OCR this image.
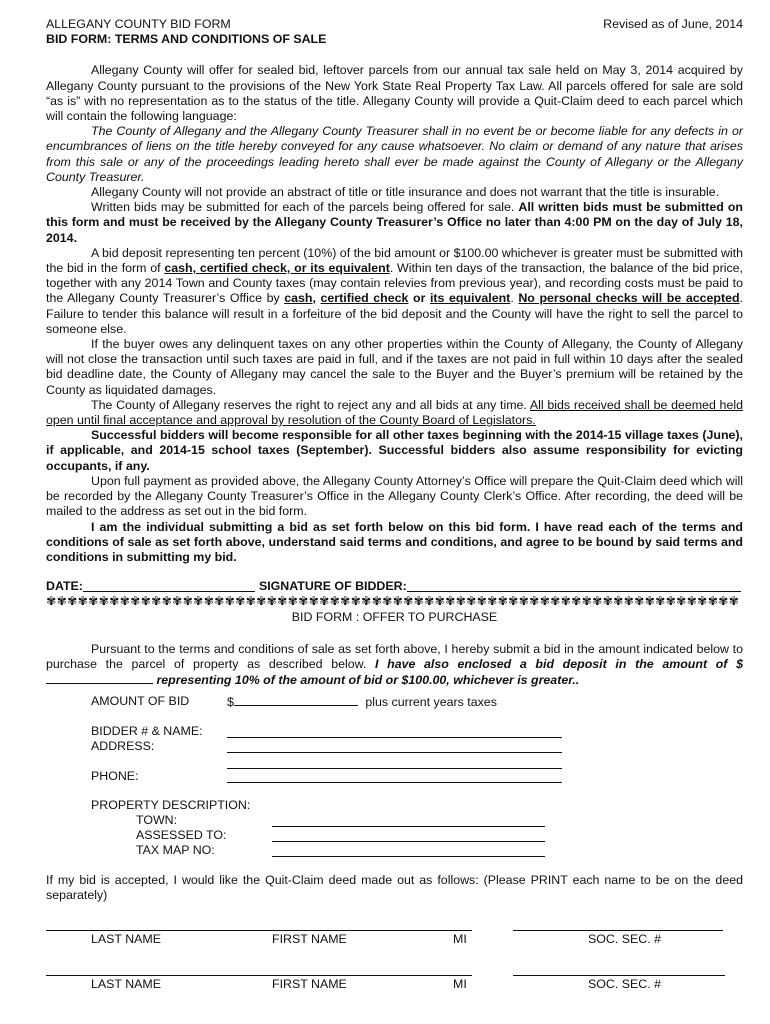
ALLEGANY COUNTY BID FORM	Revised as of June, 2014
BID FORM: TERMS AND CONDITIONS OF SALE

Allegany County will offer for sealed bid, leftover parcels from our annual tax sale held on May 3, 2014 acquired by Allegany County pursuant to the provisions of the New York State Real Property Tax Law. All parcels offered for sale are sold “as is” with no representation as to the status of the title. Allegany County will provide a Quit-Claim deed to each parcel which will contain the following language:

The County of Allegany and the Allegany County Treasurer shall in no event be or become liable for any defects in or encumbrances of liens on the title hereby conveyed for any cause whatsoever. No claim or demand of any nature that arises from this sale or any of the proceedings leading hereto shall ever be made against the County of Allegany or the Allegany County Treasurer.

Allegany County will not provide an abstract of title or title insurance and does not warrant that the title is insurable.

Written bids may be submitted for each of the parcels being offered for sale. All written bids must be submitted on this form and must be received by the Allegany County Treasurer’s Office no later than 4:00 PM on the day of July 18, 2014.

A bid deposit representing ten percent (10%) of the bid amount or $100.00 whichever is greater must be submitted with the bid in the form of cash, certified check, or its equivalent. Within ten days of the transaction, the balance of the bid price, together with any 2014 Town and County taxes (may contain relevies from previous year), and recording costs must be paid to the Allegany County Treasurer’s Office by cash, certified check or its equivalent. No personal checks will be accepted. Failure to tender this balance will result in a forfeiture of the bid deposit and the County will have the right to sell the parcel to someone else.

If the buyer owes any delinquent taxes on any other properties within the County of Allegany, the County of Allegany will not close the transaction until such taxes are paid in full, and if the taxes are not paid in full within 10 days after the sealed bid deadline date, the County of Allegany may cancel the sale to the Buyer and the Buyer’s premium will be retained by the County as liquidated damages.

The County of Allegany reserves the right to reject any and all bids at any time. All bids received shall be deemed held open until final acceptance and approval by resolution of the County Board of Legislators.

Successful bidders will become responsible for all other taxes beginning with the 2014-15 village taxes (June), if applicable, and 2014-15 school taxes (September). Successful bidders also assume responsibility for evicting occupants, if any.

Upon full payment as provided above, the Allegany County Attorney’s Office will prepare the Quit-Claim deed which will be recorded by the Allegany County Treasurer’s Office in the Allegany County Clerk’s Office. After recording, the deed will be mailed to the address as set out in the bid form.

I am the individual submitting a bid as set forth below on this bid form. I have read each of the terms and conditions of sale as set forth above, understand said terms and conditions, and agree to be bound by said terms and conditions in submitting my bid.

DATE:	SIGNATURE OF BIDDER:
✾✾✾✾✾✾✾✾✾✾✾✾✾✾✾✾✾✾✾✾✾✾✾✾✾✾✾✾✾✾✾✾✾✾✾✾✾✾✾✾✾✾✾✾✾✾✾✾✾✾✾✾✾✾✾✾✾✾✾✾✾✾✾✾✾✾
BID FORM : OFFER TO PURCHASE

Pursuant to the terms and conditions of sale as set forth above, I hereby submit a bid in the amount indicated below to purchase the parcel of property as described below. I have also enclosed a bid deposit in the amount of $ representing 10% of the amount of bid or $100.00, whichever is greater..

AMOUNT OF BID	$	plus current years taxes
BIDDER # & NAME:
ADDRESS:
PHONE:
PROPERTY DESCRIPTION:
TOWN:
ASSESSED TO:
TAX MAP NO:
If my bid is accepted, I would like the Quit-Claim deed made out as follows: (Please PRINT each name to be on the deed separately)
LAST NAME	FIRST NAME	MI	SOC. SEC. #
LAST NAME	FIRST NAME	MI	SOC. SEC. #
